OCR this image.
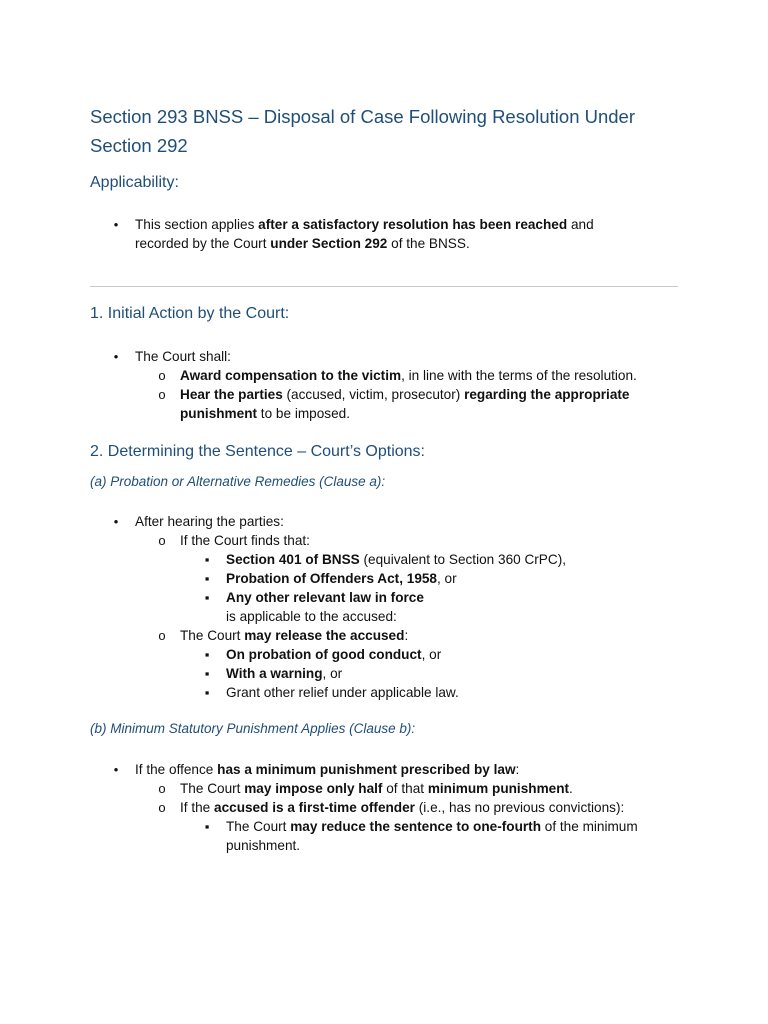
Section 293 BNSS – Disposal of Case Following Resolution Under Section 292
Applicability:
• This section applies after a satisfactory resolution has been reached and
recorded by the Court under Section 292 of the BNSS.
1. Initial Action by the Court:
• The Court shall:
o Award compensation to the victim, in line with the terms of the resolution.
o Hear the parties (accused, victim, prosecutor) regarding the appropriate
punishment to be imposed.
2. Determining the Sentence – Court’s Options:
(a) Probation or Alternative Remedies (Clause a):
• After hearing the parties:
o If the Court finds that:
▪ Section 401 of BNSS (equivalent to Section 360 CrPC),
▪ Probation of Offenders Act, 1958, or
▪ Any other relevant law in force
is applicable to the accused:
o The Court may release the accused:
▪ On probation of good conduct, or
▪ With a warning, or
▪ Grant other relief under applicable law.
(b) Minimum Statutory Punishment Applies (Clause b):
• If the offence has a minimum punishment prescribed by law:
o The Court may impose only half of that minimum punishment.
o If the accused is a first-time offender (i.e., has no previous convictions):
▪ The Court may reduce the sentence to one-fourth of the minimum
punishment.
